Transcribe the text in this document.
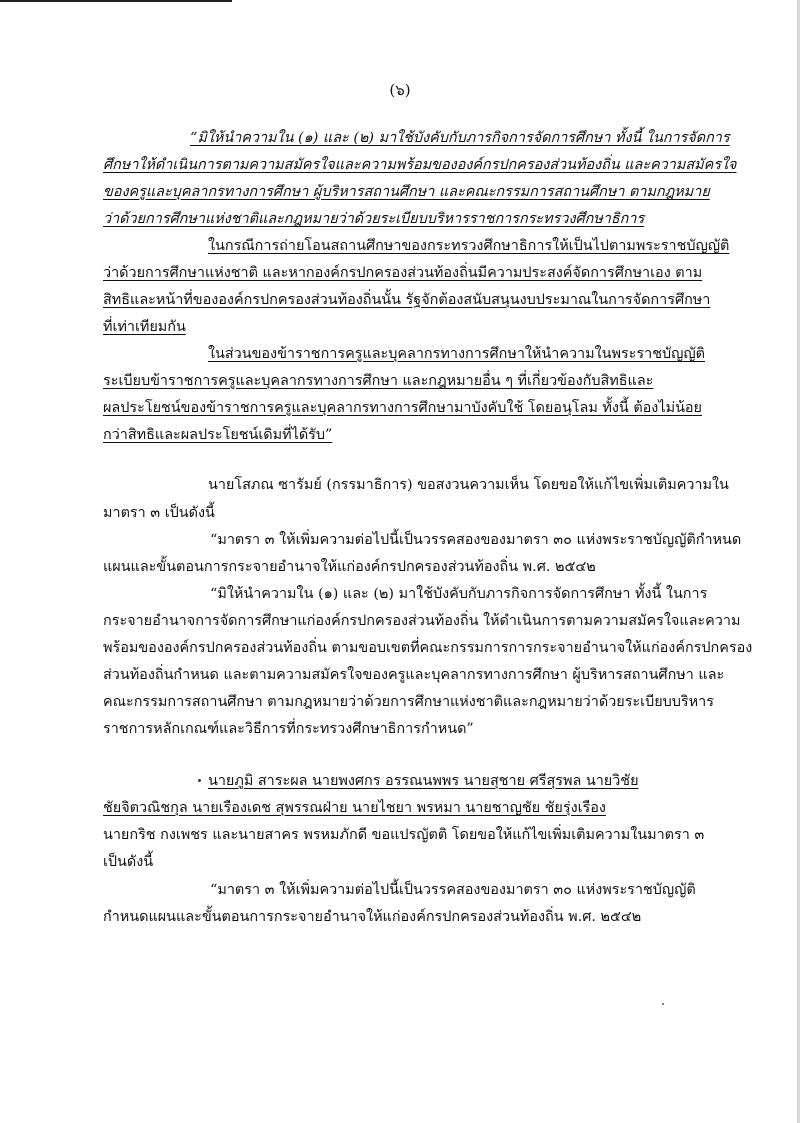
(๖)
“มิให้นำความใน (๑) และ (๒) มาใช้บังคับกับภารกิจการจัดการศึกษา ทั้งนี้ ในการจัดการ
ศึกษาให้ดำเนินการตามความสมัครใจและความพร้อมขององค์กรปกครองส่วนท้องถิ่น และความสมัครใจ
ของครูและบุคลากรทางการศึกษา ผู้บริหารสถานศึกษา และคณะกรรมการสถานศึกษา ตามกฎหมาย
ว่าด้วยการศึกษาแห่งชาติและกฎหมายว่าด้วยระเบียบบริหารราชการกระทรวงศึกษาธิการ
ในกรณีการถ่ายโอนสถานศึกษาของกระทรวงศึกษาธิการให้เป็นไปตามพระราชบัญญัติ
ว่าด้วยการศึกษาแห่งชาติ และหากองค์กรปกครองส่วนท้องถิ่นมีความประสงค์จัดการศึกษาเอง ตาม
สิทธิและหน้าที่ขององค์กรปกครองส่วนท้องถิ่นนั้น รัฐจักต้องสนับสนุนงบประมาณในการจัดการศึกษา
ที่เท่าเทียมกัน
ในส่วนของข้าราชการครูและบุคลากรทางการศึกษาให้นำความในพระราชบัญญัติ
ระเบียบข้าราชการครูและบุคลากรทางการศึกษา และกฎหมายอื่น ๆ ที่เกี่ยวข้องกับสิทธิและ
ผลประโยชน์ของข้าราชการครูและบุคลากรทางการศึกษามาบังคับใช้ โดยอนุโลม ทั้งนี้ ต้องไม่น้อย
กว่าสิทธิและผลประโยชน์เดิมที่ได้รับ”
นายโสภณ ซารัมย์ (กรรมาธิการ) ขอสงวนความเห็น โดยขอให้แก้ไขเพิ่มเติมความใน
มาตรา ๓ เป็นดังนี้
“มาตรา ๓ ให้เพิ่มความต่อไปนี้เป็นวรรคสองของมาตรา ๓๐ แห่งพระราชบัญญัติกำหนด
แผนและขั้นตอนการกระจายอำนาจให้แก่องค์กรปกครองส่วนท้องถิ่น พ.ศ. ๒๕๔๒
“มิให้นำความใน (๑) และ (๒) มาใช้บังคับกับภารกิจการจัดการศึกษา ทั้งนี้ ในการ
กระจายอำนาจการจัดการศึกษาแก่องค์กรปกครองส่วนท้องถิ่น ให้ดำเนินการตามความสมัครใจและความ
พร้อมขององค์กรปกครองส่วนท้องถิ่น ตามขอบเขตที่คณะกรรมการการกระจายอำนาจให้แก่องค์กรปกครอง
ส่วนท้องถิ่นกำหนด และตามความสมัครใจของครูและบุคลากรทางการศึกษา ผู้บริหารสถานศึกษา และ
คณะกรรมการสถานศึกษา ตามกฎหมายว่าด้วยการศึกษาแห่งชาติและกฎหมายว่าด้วยระเบียบบริหาร
ราชการหลักเกณฑ์และวิธีการที่กระทรวงศึกษาธิการกำหนด”
นายภูมิ สาระผล นายพงศกร อรรณนพพร นายสุชาย ศรีสุรพล นายวิชัย
ชัยจิตวณิชกุล นายเรืองเดช สุพรรณฝ่าย นายไชยา พรหมา นายชาญชัย ชัยรุ่งเรือง
นายกริช กงเพชร และนายสาคร พรหมภักดี ขอแปรญัตติ โดยขอให้แก้ไขเพิ่มเติมความในมาตรา ๓
เป็นดังนี้
“มาตรา ๓ ให้เพิ่มความต่อไปนี้เป็นวรรคสองของมาตรา ๓๐ แห่งพระราชบัญญัติ
กำหนดแผนและขั้นตอนการกระจายอำนาจให้แก่องค์กรปกครองส่วนท้องถิ่น พ.ศ. ๒๕๔๒
